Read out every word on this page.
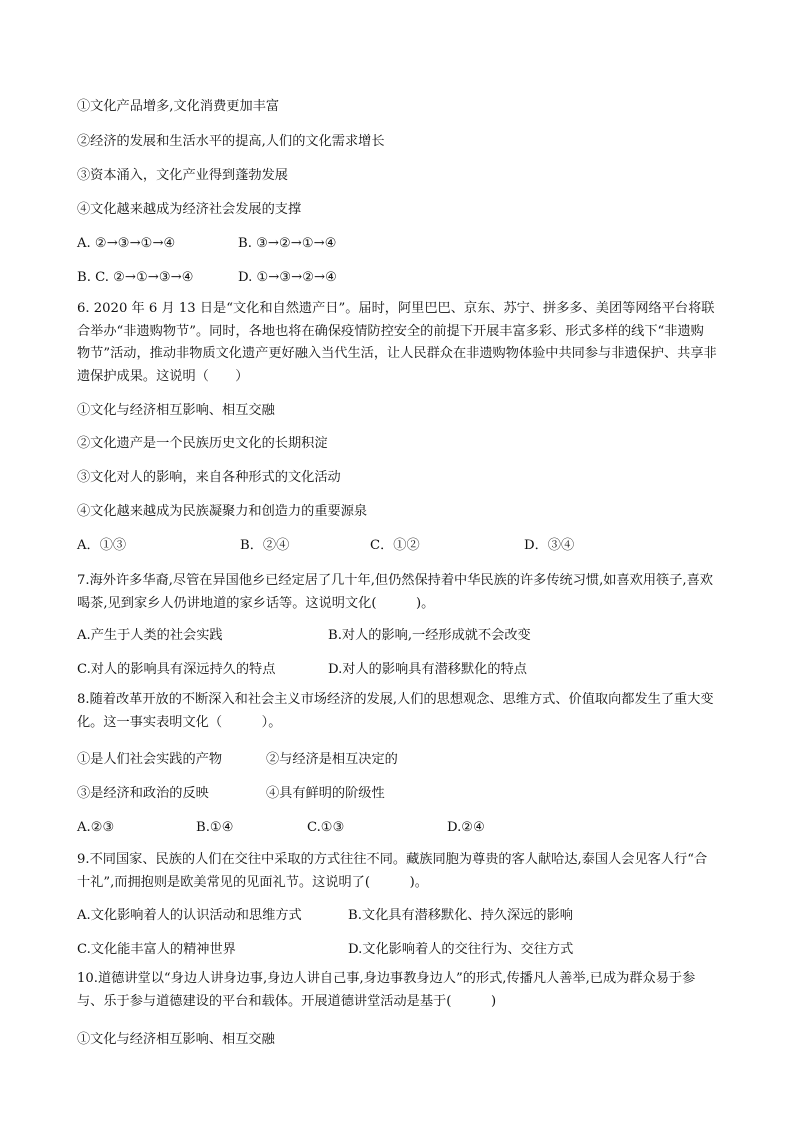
①文化产品增多,文化消费更加丰富
②经济的发展和生活水平的提高,人们的文化需求增长
③资本涌入，文化产业得到蓬勃发展
④文化越来越成为经济社会发展的支撑
A. ②→③→①→④	B. ③→②→①→④
B. C. ②→①→③→④	D. ①→③→②→④
6. 2020 年 6 月 13 日是“文化和自然遗产日”。届时，阿里巴巴、京东、苏宁、拼多多、美团等网络平台将联合举办“非遗购物节”。同时，各地也将在确保疫情防控安全的前提下开展丰富多彩、形式多样的线下“非遗购物节”活动，推动非物质文化遗产更好融入当代生活，让人民群众在非遗购物体验中共同参与非遗保护、共享非遗保护成果。这说明（　　）
①文化与经济相互影响、相互交融
②文化遗产是一个民族历史文化的长期积淀
③文化对人的影响，来自各种形式的文化活动
④文化越来越成为民族凝聚力和创造力的重要源泉
A．①③	B．②④	C．①②	D．③④
7.海外许多华裔,尽管在异国他乡已经定居了几十年,但仍然保持着中华民族的许多传统习惯,如喜欢用筷子,喜欢喝茶,见到家乡人仍讲地道的家乡话等。这说明文化(　　　)。
A.产生于人类的社会实践	B.对人的影响,一经形成就不会改变
C.对人的影响具有深远持久的特点	D.对人的影响具有潜移默化的特点
8.随着改革开放的不断深入和社会主义市场经济的发展,人们的思想观念、思维方式、价值取向都发生了重大变化。这一事实表明文化（　　　）。
①是人们社会实践的产物	②与经济是相互决定的
③是经济和政治的反映	④具有鲜明的阶级性
A.②③	B.①④	C.①③	D.②④
9.不同国家、民族的人们在交往中采取的方式往往不同。藏族同胞为尊贵的客人献哈达,泰国人会见客人行“合十礼”,而拥抱则是欧美常见的见面礼节。这说明了(　　　)。
A.文化影响着人的认识活动和思维方式	B.文化具有潜移默化、持久深远的影响
C.文化能丰富人的精神世界	D.文化影响着人的交往行为、交往方式
10.道德讲堂以“身边人讲身边事,身边人讲自己事,身边事教身边人”的形式,传播凡人善举,已成为群众易于参与、乐于参与道德建设的平台和载体。开展道德讲堂活动是基于(　　　)
①文化与经济相互影响、相互交融
